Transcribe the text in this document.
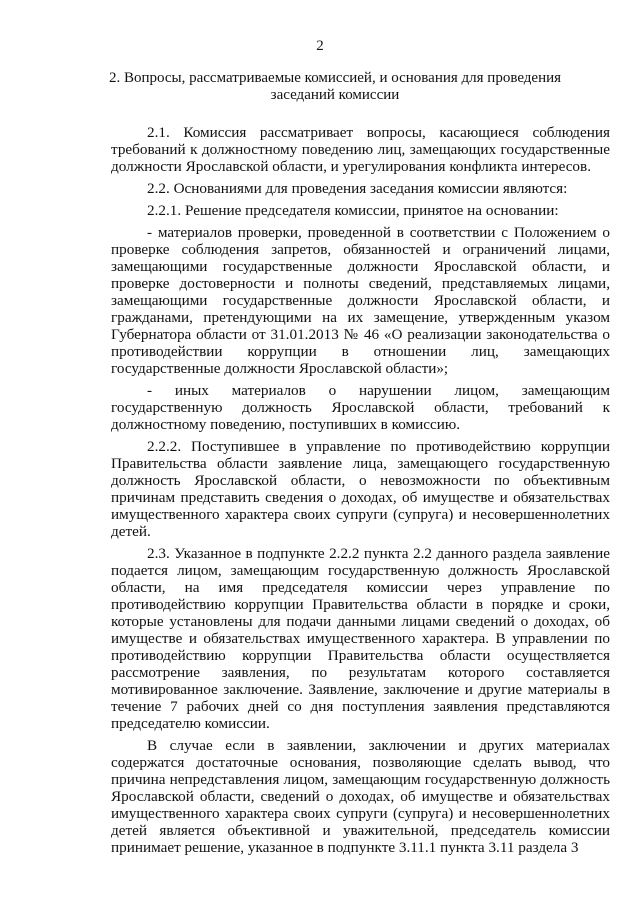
2
2. Вопросы, рассматриваемые комиссией, и основания для проведения заседаний комиссии

2.1. Комиссия рассматривает вопросы, касающиеся соблюдения требований к должностному поведению лиц, замещающих государственные должности Ярославской области, и урегулирования конфликта интересов.

2.2. Основаниями для проведения заседания комиссии являются:

2.2.1. Решение председателя комиссии, принятое на основании:

- материалов проверки, проведенной в соответствии с Положением о проверке соблюдения запретов, обязанностей и ограничений лицами, замещающими государственные должности Ярославской области, и проверке достоверности и полноты сведений, представляемых лицами, замещающими государственные должности Ярославской области, и гражданами, претендующими на их замещение, утвержденным указом Губернатора области от 31.01.2013 № 46 «О реализации законодательства о противодействии коррупции в отношении лиц, замещающих государственные должности Ярославской области»;

- иных материалов о нарушении лицом, замещающим государственную должность Ярославской области, требований к должностному поведению, поступивших в комиссию.

2.2.2. Поступившее в управление по противодействию коррупции Правительства области заявление лица, замещающего государственную должность Ярославской области, о невозможности по объективным причинам представить сведения о доходах, об имуществе и обязательствах имущественного характера своих супруги (супруга) и несовершеннолетних детей.

2.3. Указанное в подпункте 2.2.2 пункта 2.2 данного раздела заявление подается лицом, замещающим государственную должность Ярославской области, на имя председателя комиссии через управление по противодействию коррупции Правительства области в порядке и сроки, которые установлены для подачи данными лицами сведений о доходах, об имуществе и обязательствах имущественного характера. В управлении по противодействию коррупции Правительства области осуществляется рассмотрение заявления, по результатам которого составляется мотивированное заключение. Заявление, заключение и другие материалы в течение 7 рабочих дней со дня поступления заявления представляются председателю комиссии.

В случае если в заявлении, заключении и других материалах содержатся достаточные основания, позволяющие сделать вывод, что причина непредставления лицом, замещающим государственную должность Ярославской области, сведений о доходах, об имуществе и обязательствах имущественного характера своих супруги (супруга) и несовершеннолетних детей является объективной и уважительной, председатель комиссии принимает решение, указанное в подпункте 3.11.1 пункта 3.11 раздела 3
